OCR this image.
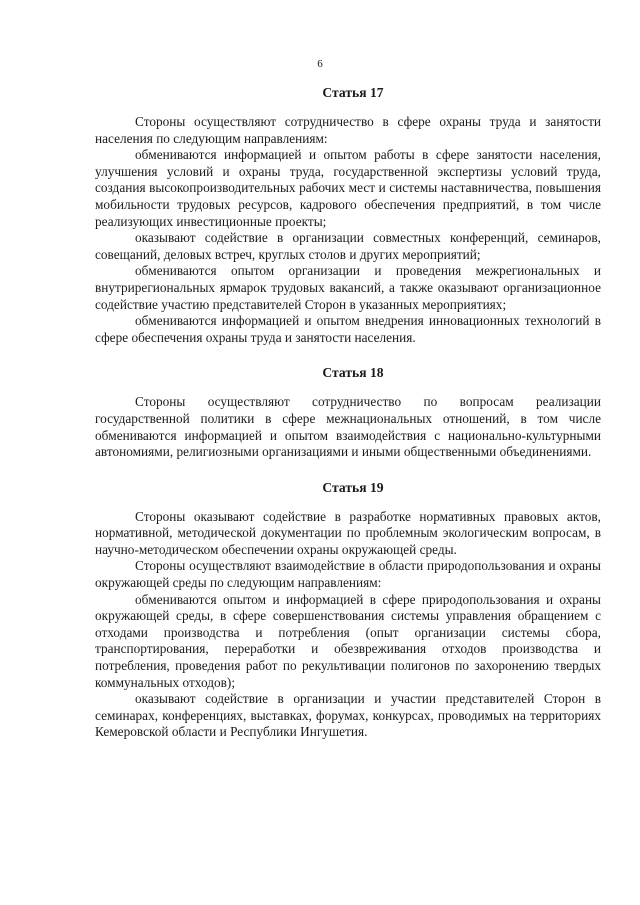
6
Статья 17

Стороны осуществляют сотрудничество в сфере охраны труда и занятости населения по следующим направлениям:

обмениваются информацией и опытом работы в сфере занятости населения, улучшения условий и охраны труда, государственной экспертизы условий труда, создания высокопроизводительных рабочих мест и системы наставничества, повышения мобильности трудовых ресурсов, кадрового обеспечения предприятий, в том числе реализующих инвестиционные проекты;

оказывают содействие в организации совместных конференций, семинаров, совещаний, деловых встреч, круглых столов и других мероприятий;

обмениваются опытом организации и проведения межрегиональных и внутрирегиональных ярмарок трудовых вакансий, а также оказывают организационное содействие участию представителей Сторон в указанных мероприятиях;

обмениваются информацией и опытом внедрения инновационных технологий в сфере обеспечения охраны труда и занятости населения.

Статья 18

Стороны осуществляют сотрудничество по вопросам реализации государственной политики в сфере межнациональных отношений, в том числе обмениваются информацией и опытом взаимодействия с национально-культурными автономиями, религиозными организациями и иными общественными объединениями.

Статья 19

Стороны оказывают содействие в разработке нормативных правовых актов, нормативной, методической документации по проблемным экологическим вопросам, в научно-методическом обеспечении охраны окружающей среды.

Стороны осуществляют взаимодействие в области природопользования и охраны окружающей среды по следующим направлениям:

обмениваются опытом и информацией в сфере природопользования и охраны окружающей среды, в сфере совершенствования системы управления обращением с отходами производства и потребления (опыт организации системы сбора, транспортирования, переработки и обезвреживания отходов производства и потребления, проведения работ по рекультивации полигонов по захоронению твердых коммунальных отходов);

оказывают содействие в организации и участии представителей Сторон в семинарах, конференциях, выставках, форумах, конкурсах, проводимых на территориях Кемеровской области и Республики Ингушетия.
